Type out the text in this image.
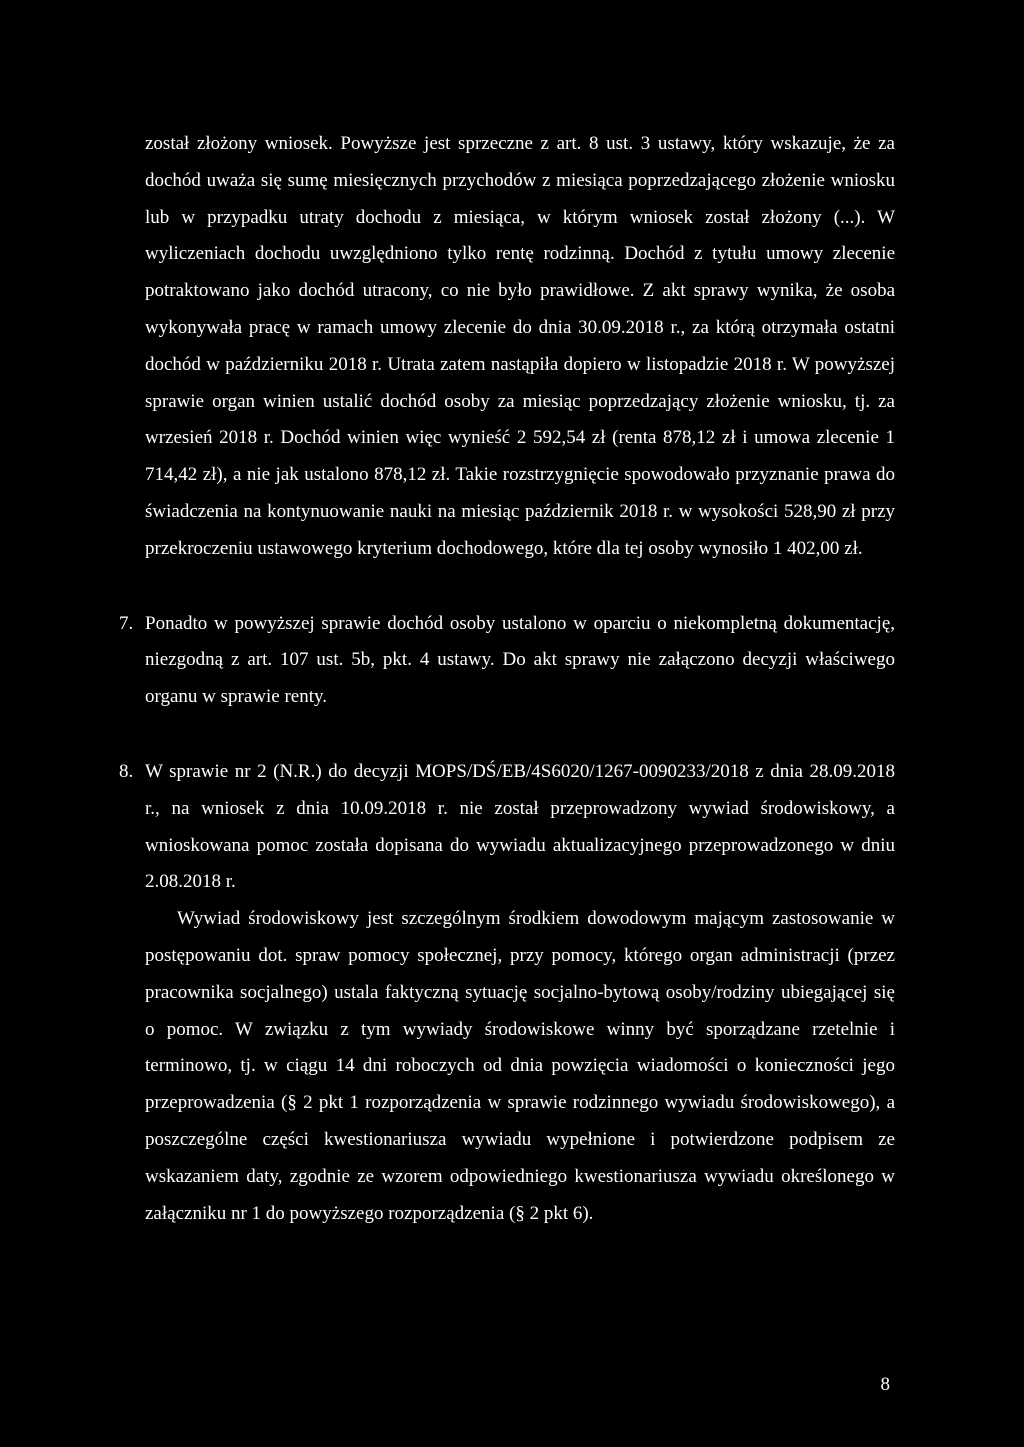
został złożony wniosek. Powyższe jest sprzeczne z art. 8 ust. 3 ustawy, który wskazuje, że za dochód uważa się sumę miesięcznych przychodów z miesiąca poprzedzającego złożenie wniosku lub w przypadku utraty dochodu z miesiąca, w którym wniosek został złożony (...). W wyliczeniach dochodu uwzględniono tylko rentę rodzinną. Dochód z tytułu umowy zlecenie potraktowano jako dochód utracony, co nie było prawidłowe. Z akt sprawy wynika, że osoba wykonywała pracę w ramach umowy zlecenie do dnia 30.09.2018 r., za którą otrzymała ostatni dochód w październiku 2018 r. Utrata zatem nastąpiła dopiero w listopadzie 2018 r. W powyższej sprawie organ winien ustalić dochód osoby za miesiąc poprzedzający złożenie wniosku, tj. za wrzesień 2018 r. Dochód winien więc wynieść 2 592,54 zł (renta 878,12 zł i umowa zlecenie 1 714,42 zł), a nie jak ustalono 878,12 zł. Takie rozstrzygnięcie spowodowało przyznanie prawa do świadczenia na kontynuowanie nauki na miesiąc październik 2018 r. w wysokości 528,90 zł przy przekroczeniu ustawowego kryterium dochodowego, które dla tej osoby wynosiło 1 402,00 zł.

7. Ponadto w powyższej sprawie dochód osoby ustalono w oparciu o niekompletną dokumentację, niezgodną z art. 107 ust. 5b, pkt. 4 ustawy. Do akt sprawy nie załączono decyzji właściwego organu w sprawie renty.
8. W sprawie nr 2 (N.R.) do decyzji MOPS/DŚ/EB/4S6020/1267-0090233/2018 z dnia 28.09.2018 r., na wniosek z dnia 10.09.2018 r. nie został przeprowadzony wywiad środowiskowy, a wnioskowana pomoc została dopisana do wywiadu aktualizacyjnego przeprowadzonego w dniu 2.08.2018 r.

Wywiad środowiskowy jest szczególnym środkiem dowodowym mającym zastosowanie w postępowaniu dot. spraw pomocy społecznej, przy pomocy, którego organ administracji (przez pracownika socjalnego) ustala faktyczną sytuację socjalno-bytową osoby/rodziny ubiegającej się o pomoc. W związku z tym wywiady środowiskowe winny być sporządzane rzetelnie i terminowo, tj. w ciągu 14 dni roboczych od dnia powzięcia wiadomości o konieczności jego przeprowadzenia (§ 2 pkt 1 rozporządzenia w sprawie rodzinnego wywiadu środowiskowego), a poszczególne części kwestionariusza wywiadu wypełnione i potwierdzone podpisem ze wskazaniem daty, zgodnie ze wzorem odpowiedniego kwestionariusza wywiadu określonego w załączniku nr 1 do powyższego rozporządzenia (§ 2 pkt 6).

8
